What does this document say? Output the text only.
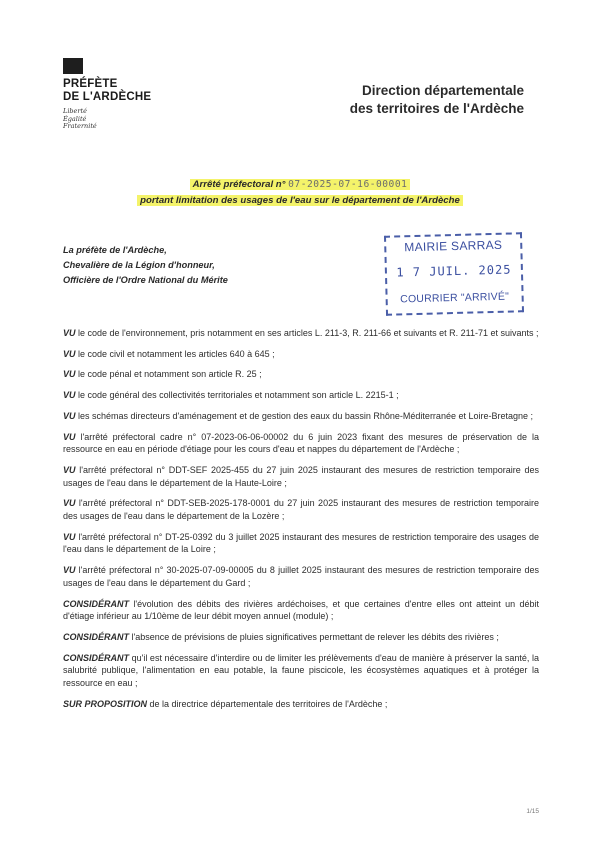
PRÉFÈTE
DE L'ARDÈCHE
Liberté
Égalité
Fraternité
Direction départementale
des territoires de l'Ardèche
Arrêté préfectoral n° 07-2025-07-16-00001
portant limitation des usages de l'eau sur le département de l'Ardèche
La préfète de l'Ardèche,
Chevalière de la Légion d'honneur,
Officière de l'Ordre National du Mérite
MAIRIE SARRAS
1 7 JUIL. 2025
COURRIER "ARRIVÉ"

VU le code de l'environnement, pris notamment en ses articles L. 211-3, R. 211-66 et suivants et R. 211-71 et suivants ;

VU le code civil et notamment les articles 640 à 645 ;

VU le code pénal et notamment son article R. 25 ;

VU le code général des collectivités territoriales et notamment son article L. 2215-1 ;

VU les schémas directeurs d'aménagement et de gestion des eaux du bassin Rhône-Méditerranée et Loire-Bretagne ;

VU l'arrêté préfectoral cadre n° 07-2023-06-06-00002 du 6 juin 2023 fixant des mesures de préservation de la ressource en eau en période d'étiage pour les cours d'eau et nappes du département de l'Ardèche ;

VU l'arrêté préfectoral n° DDT-SEF 2025-455 du 27 juin 2025 instaurant des mesures de restriction temporaire des usages de l'eau dans le département de la Haute-Loire ;

VU l'arrêté préfectoral n° DDT-SEB-2025-178-0001 du 27 juin 2025 instaurant des mesures de restriction temporaire des usages de l'eau dans le département de la Lozère ;

VU l'arrêté préfectoral n° DT-25-0392 du 3 juillet 2025 instaurant des mesures de restriction temporaire des usages de l'eau dans le département de la Loire ;

VU l'arrêté préfectoral n° 30-2025-07-09-00005 du 8 juillet 2025 instaurant des mesures de restriction temporaire des usages de l'eau dans le département du Gard ;

CONSIDÉRANT l'évolution des débits des rivières ardéchoises, et que certaines d'entre elles ont atteint un débit d'étiage inférieur au 1/10ème de leur débit moyen annuel (module) ;

CONSIDÉRANT l'absence de prévisions de pluies significatives permettant de relever les débits des rivières ;

CONSIDÉRANT qu'il est nécessaire d'interdire ou de limiter les prélèvements d'eau de manière à préserver la santé, la salubrité publique, l'alimentation en eau potable, la faune piscicole, les écosystèmes aquatiques et à protéger la ressource en eau ;

SUR PROPOSITION de la directrice départementale des territoires de l'Ardèche ;

1/15
